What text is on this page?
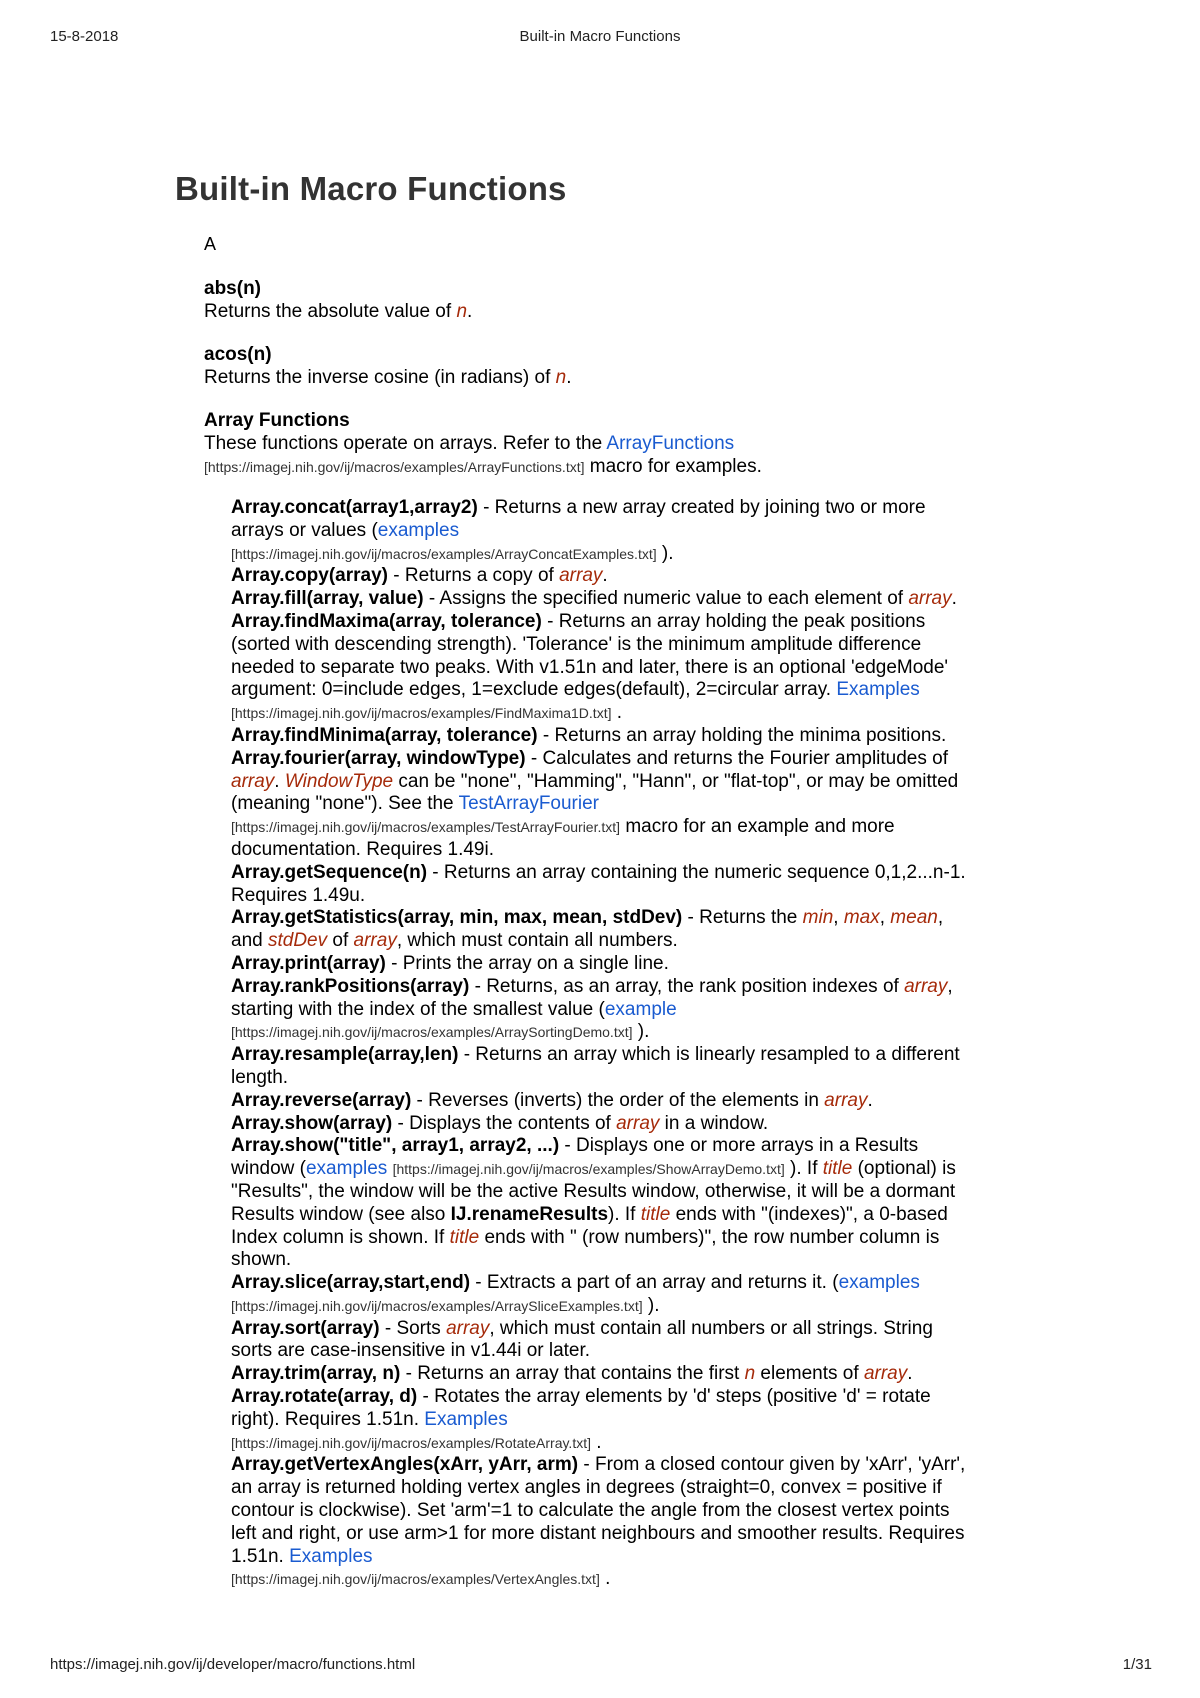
15-8-2018	Built-in Macro Functions
Built-in Macro Functions
A
abs(n)
Returns the absolute value of n.
acos(n)
Returns the inverse cosine (in radians) of n.
Array Functions
These functions operate on arrays. Refer to the ArrayFunctions
[https://imagej.nih.gov/ij/macros/examples/ArrayFunctions.txt] macro for examples.
Array.concat(array1,array2) - Returns a new array created by joining two or more arrays or values (examples
[https://imagej.nih.gov/ij/macros/examples/ArrayConcatExamples.txt] ).
Array.copy(array) - Returns a copy of array.
Array.fill(array, value) - Assigns the specified numeric value to each element of array.
Array.findMaxima(array, tolerance) - Returns an array holding the peak positions (sorted with descending strength). 'Tolerance' is the minimum amplitude difference needed to separate two peaks. With v1.51n and later, there is an optional 'edgeMode' argument: 0=include edges, 1=exclude edges(default), 2=circular array. Examples [https://imagej.nih.gov/ij/macros/examples/FindMaxima1D.txt] .
Array.findMinima(array, tolerance) - Returns an array holding the minima positions.
Array.fourier(array, windowType) - Calculates and returns the Fourier amplitudes of array. WindowType can be "none", "Hamming", "Hann", or "flat-top", or may be omitted (meaning "none"). See the TestArrayFourier
[https://imagej.nih.gov/ij/macros/examples/TestArrayFourier.txt] macro for an example and more documentation. Requires 1.49i.
Array.getSequence(n) - Returns an array containing the numeric sequence 0,1,2...n-1. Requires 1.49u.
Array.getStatistics(array, min, max, mean, stdDev) - Returns the min, max, mean, and stdDev of array, which must contain all numbers.
Array.print(array) - Prints the array on a single line.
Array.rankPositions(array) - Returns, as an array, the rank position indexes of array, starting with the index of the smallest value (example
[https://imagej.nih.gov/ij/macros/examples/ArraySortingDemo.txt] ).
Array.resample(array,len) - Returns an array which is linearly resampled to a different length.
Array.reverse(array) - Reverses (inverts) the order of the elements in array.
Array.show(array) - Displays the contents of array in a window.
Array.show("title", array1, array2, ...) - Displays one or more arrays in a Results window (examples [https://imagej.nih.gov/ij/macros/examples/ShowArrayDemo.txt] ). If title (optional) is "Results", the window will be the active Results window, otherwise, it will be a dormant Results window (see also IJ.renameResults). If title ends with "(indexes)", a 0-based Index column is shown. If title ends with " (row numbers)", the row number column is shown.
Array.slice(array,start,end) - Extracts a part of an array and returns it. (examples [https://imagej.nih.gov/ij/macros/examples/ArraySliceExamples.txt] ).
Array.sort(array) - Sorts array, which must contain all numbers or all strings. String sorts are case-insensitive in v1.44i or later.
Array.trim(array, n) - Returns an array that contains the first n elements of array.
Array.rotate(array, d) - Rotates the array elements by 'd' steps (positive 'd' = rotate right). Requires 1.51n. Examples
[https://imagej.nih.gov/ij/macros/examples/RotateArray.txt] .
Array.getVertexAngles(xArr, yArr, arm) - From a closed contour given by 'xArr', 'yArr', an array is returned holding vertex angles in degrees (straight=0, convex = positive if contour is clockwise). Set 'arm'=1 to calculate the angle from the closest vertex points left and right, or use arm>1 for more distant neighbours and smoother results. Requires 1.51n. Examples
[https://imagej.nih.gov/ij/macros/examples/VertexAngles.txt] .
https://imagej.nih.gov/ij/developer/macro/functions.html	1/31
